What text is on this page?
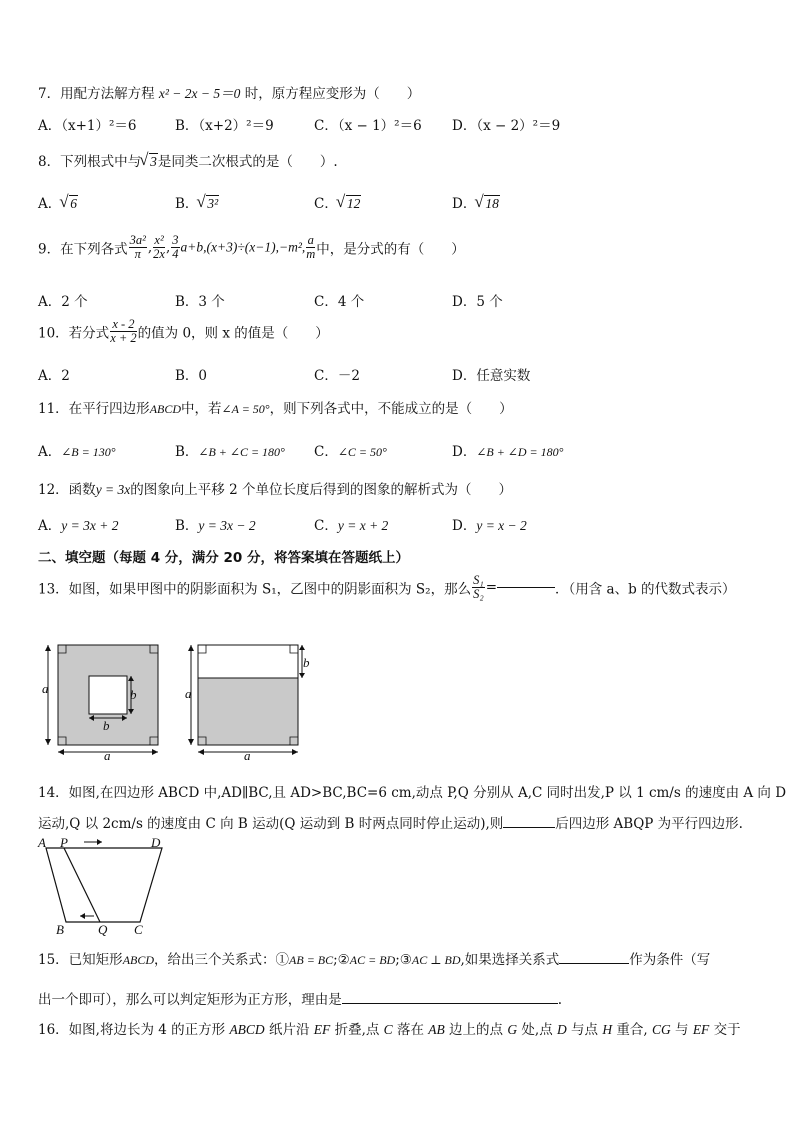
7．用配方法解方程 x² − 2x − 5＝0 时，原方程应变形为（　　）
A．（x+1）²＝6	B．（x+2）²＝9	C．（x − 1）²＝6 D．（x − 2）²＝9
8．下列根式中与 √ 3是同类二次根式的是（　　）.
A． √ 6	B． √ 3²	C． √ 12	D． √ 18
9．在下列各式 $\frac{\text{3a²}}{\pi}$ , $\frac{\text{x²}}{2x}$ , $\frac{3}{4} a+b,(x+3)\div(x-1),-m^2$, $\frac{a}{m}$ 中，是分式的有（　　）
A．2 个	B．3 个	C．4 个	D．5 个
10．若分式 $\frac{x - 2}{x + 2}$ 的值为 0，则 x 的值是（　　）
A．2	B．0	C．－2	D．任意实数
11．在平行四边形ABCD中，若∠A = 50°，则下列各式中，不能成立的是（　　）
A．∠B = 130°	B．∠B + ∠C = 180° C．∠C = 50°	D．∠B + ∠D = 180°
12．函数y = 3x的图象向上平移 2 个单位长度后得到的图象的解析式为（　　）
A．y = 3x + 2	B．y = 3x − 2	C．y = x + 2	D．y = x − 2
二、填空题（每题 4 分，满分 20 分，将答案填在答题纸上）
13．如图，如果甲图中的阴影面积为 S₁，乙图中的阴影面积为 S₂，那么 $\frac{\text{S₁}}{\text{S₂}}$ =	．（用含 a、b 的代数式表示）
a
a
b
b
a
b
a
14．如图,在四边形 ABCD 中,AD∥BC,且 AD>BC,BC=6 cm,动点 P,Q 分别从 A,C 同时出发,P 以 1 cm/s 的速度由 A 向 D
运动,Q 以 2cm/s 的速度由 C 向 B 运动(Q 运动到 B 时两点同时停止运动),则	后四边形 ABQP 为平行四边形.
A P	D
B	Q C
15．已知矩形ABCD，给出三个关系式：①AB = BC;②AC = BD;③AC ⊥ BD,如果选择关系式	作为条件（写
出一个即可），那么可以判定矩形为正方形，理由是	.
16．如图,将边长为 4 的正方形 ABCD 纸片沿 EF 折叠,点 C 落在 AB 边上的点 G 处,点 D 与点 H 重合, CG 与 EF 交于
